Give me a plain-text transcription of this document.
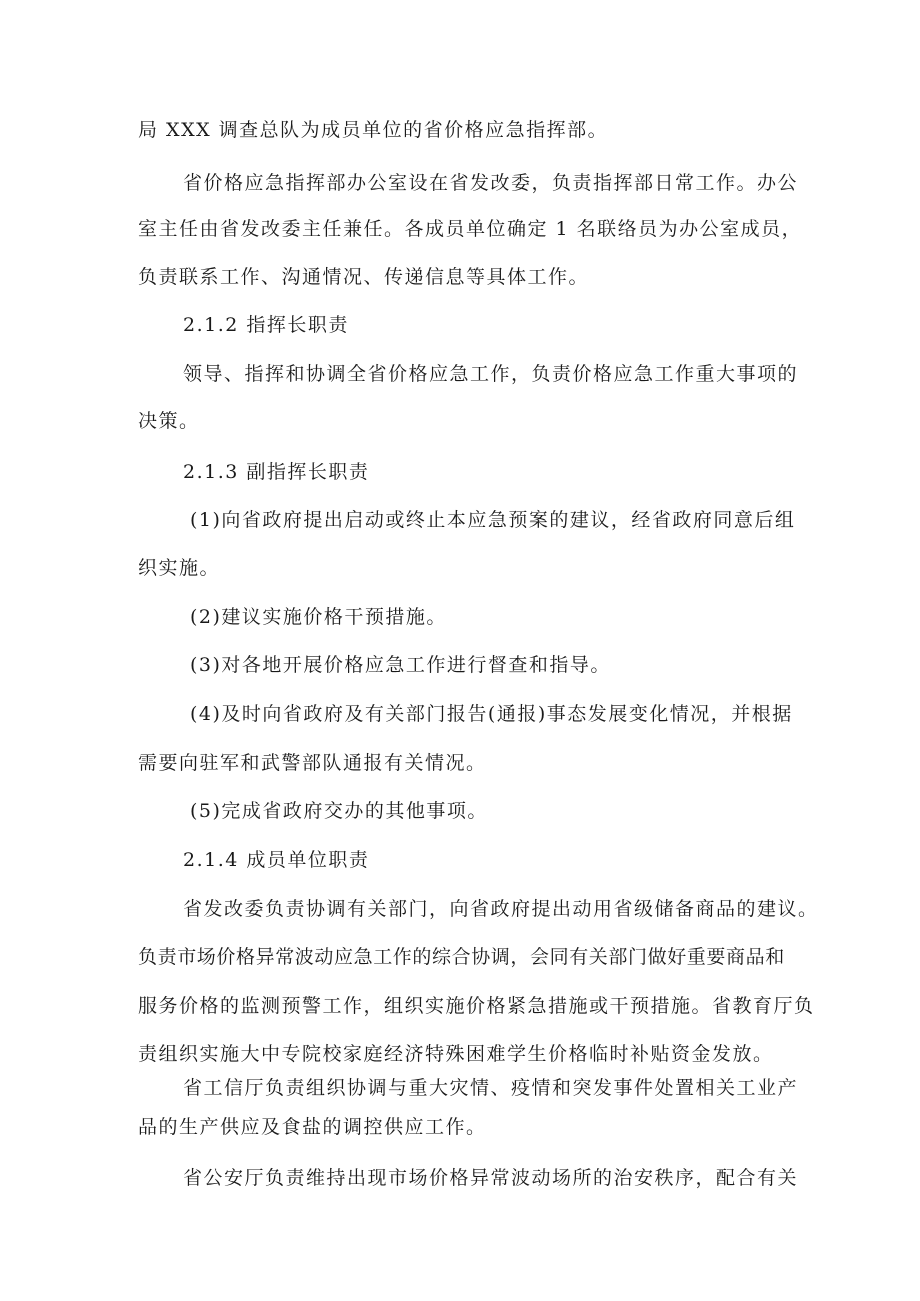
局 XXX 调查总队为成员单位的省价格应急指挥部。
省价格应急指挥部办公室设在省发改委，负责指挥部日常工作。办公
室主任由省发改委主任兼任。各成员单位确定 1 名联络员为办公室成员，
负责联系工作、沟通情况、传递信息等具体工作。
2.1.2 指挥长职责
领导、指挥和协调全省价格应急工作，负责价格应急工作重大事项的
决策。
2.1.3 副指挥长职责
(1)向省政府提出启动或终止本应急预案的建议，经省政府同意后组
织实施。
(2)建议实施价格干预措施。
(3)对各地开展价格应急工作进行督查和指导。
(4)及时向省政府及有关部门报告(通报)事态发展变化情况，并根据
需要向驻军和武警部队通报有关情况。
(5)完成省政府交办的其他事项。
2.1.4 成员单位职责
省发改委负责协调有关部门，向省政府提出动用省级储备商品的建议。
负责市场价格异常波动应急工作的综合协调，会同有关部门做好重要商品和
服务价格的监测预警工作，组织实施价格紧急措施或干预措施。省教育厅负
责组织实施大中专院校家庭经济特殊困难学生价格临时补贴资金发放。
省工信厅负责组织协调与重大灾情、疫情和突发事件处置相关工业产
品的生产供应及食盐的调控供应工作。
省公安厅负责维持出现市场价格异常波动场所的治安秩序，配合有关
